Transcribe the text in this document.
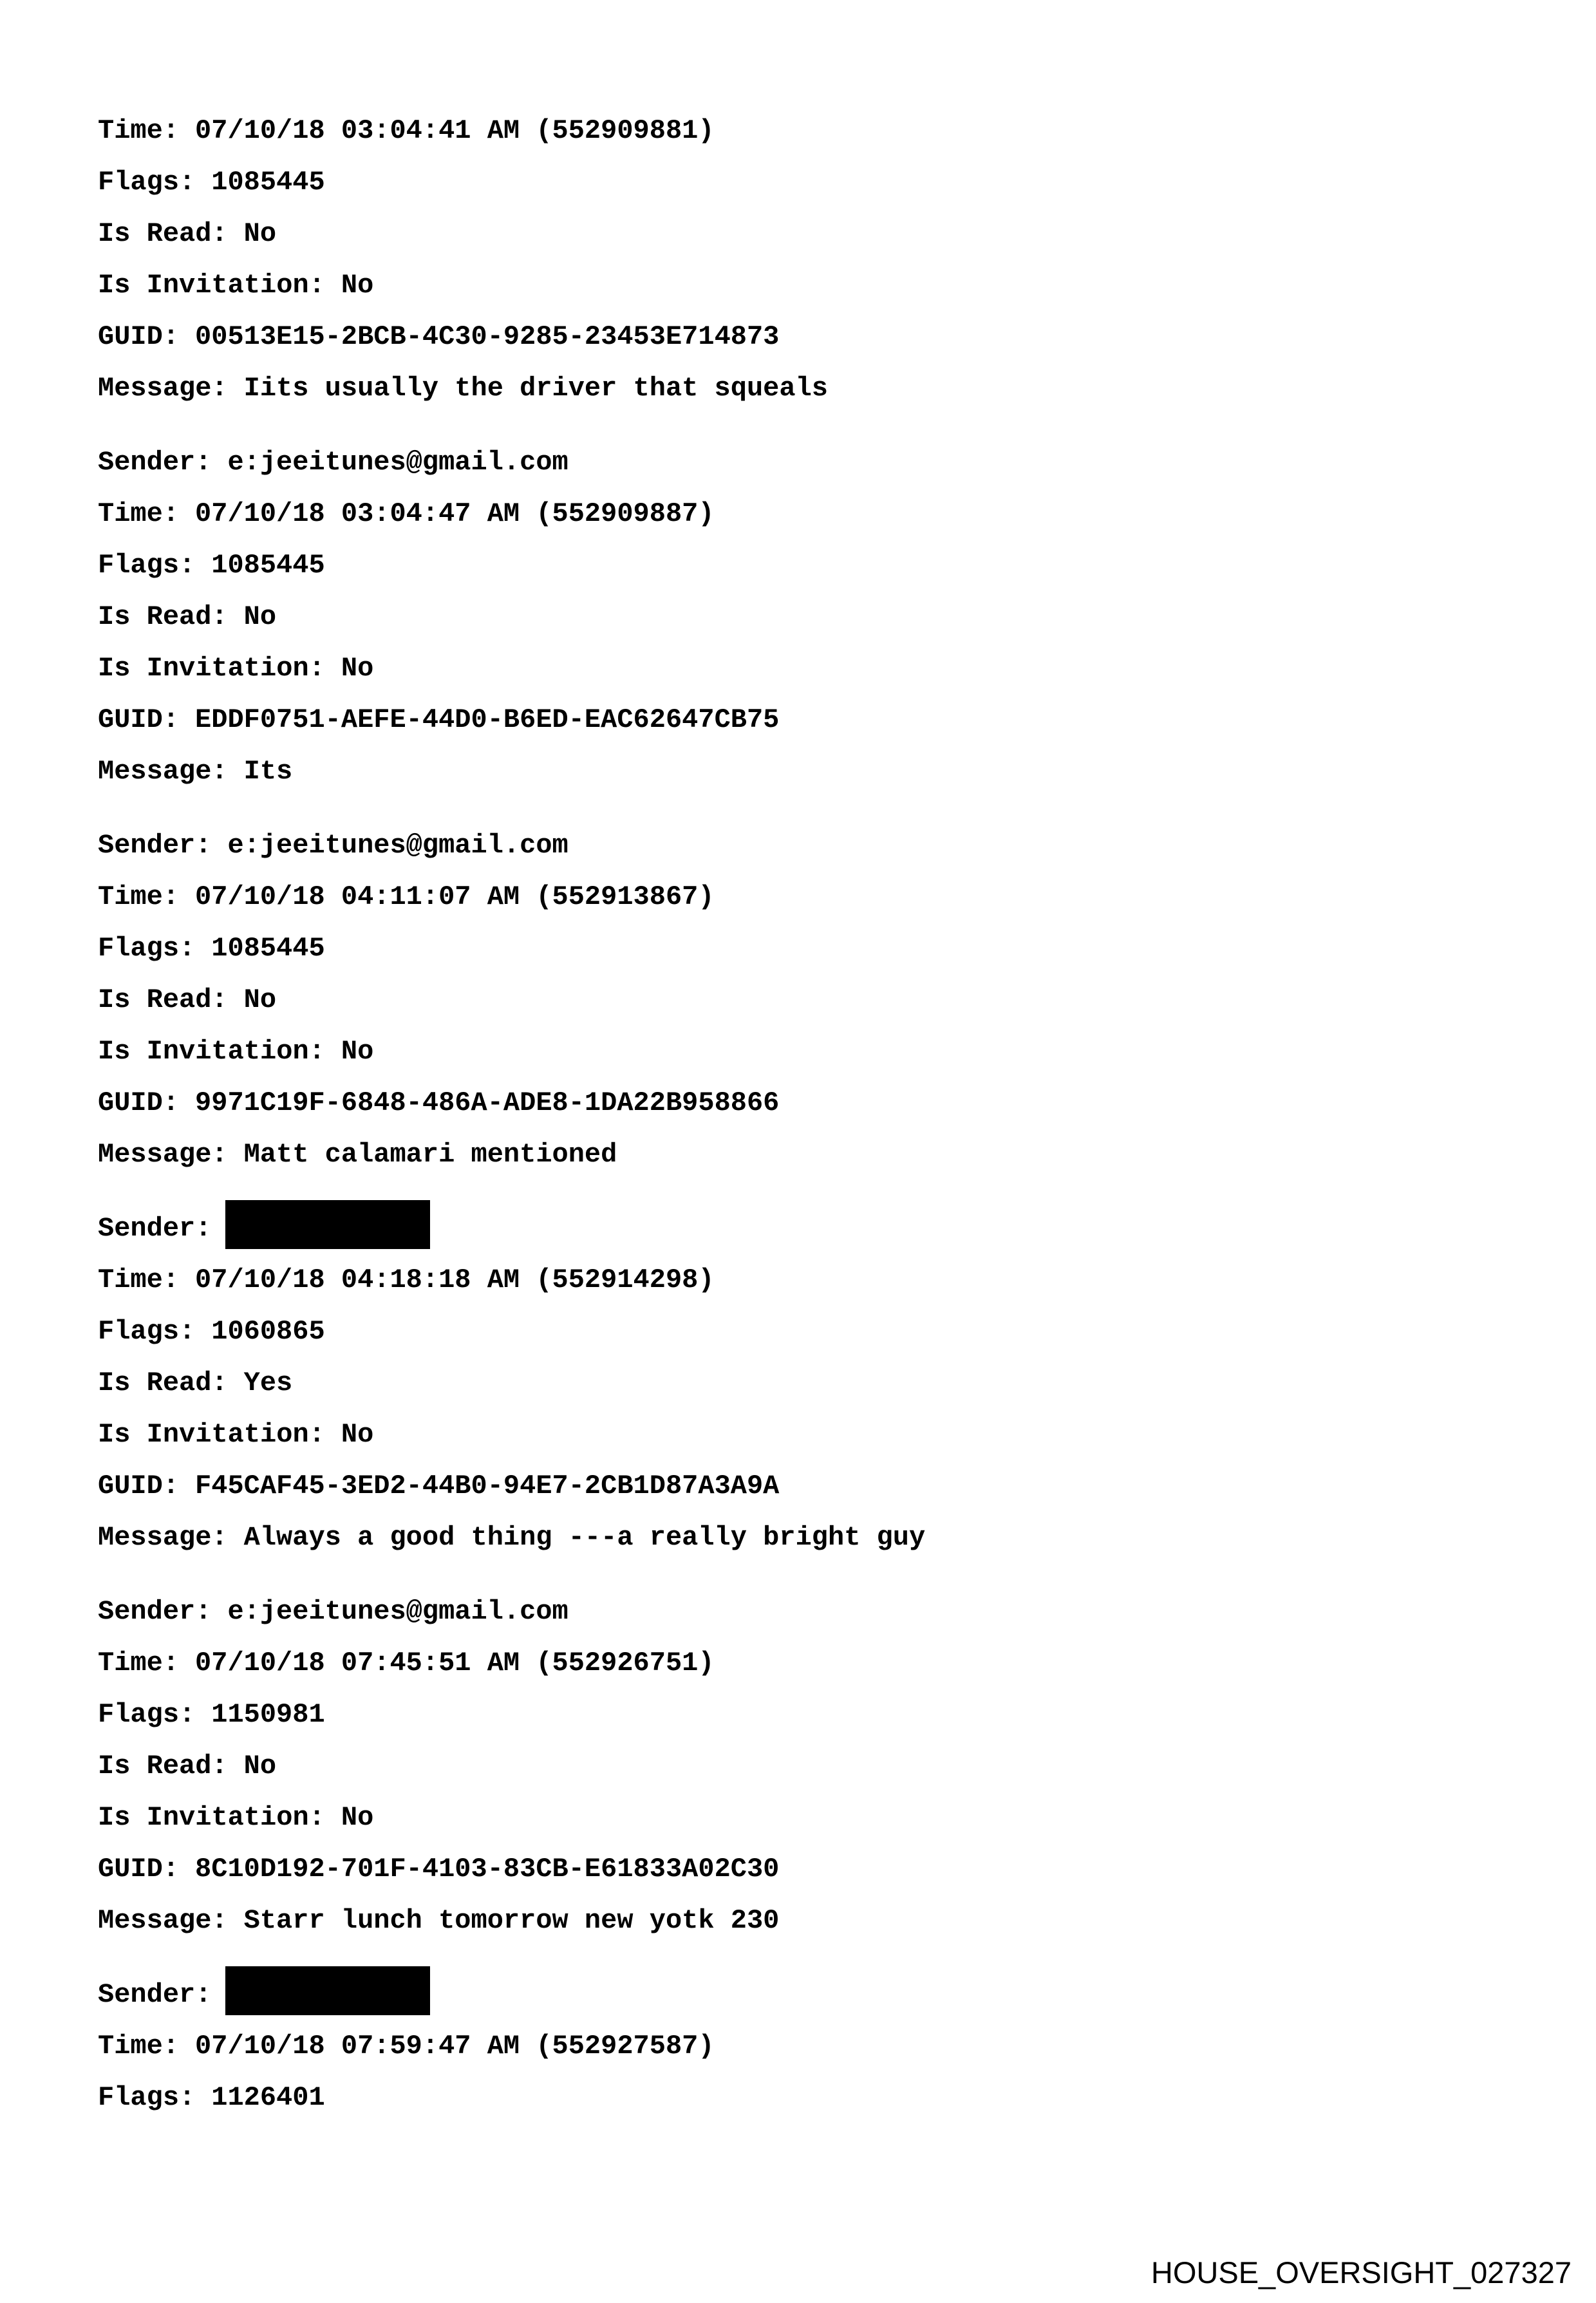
Time: 07/10/18 03:04:41 AM (552909881)
Flags: 1085445
Is Read: No
Is Invitation: No
GUID: 00513E15-2BCB-4C30-9285-23453E714873
Message: Iits usually the driver that squeals
Sender: e:jeeitunes@gmail.com
Time: 07/10/18 03:04:47 AM (552909887)
Flags: 1085445
Is Read: No
Is Invitation: No
GUID: EDDF0751-AEFE-44D0-B6ED-EAC62647CB75
Message: Its
Sender: e:jeeitunes@gmail.com
Time: 07/10/18 04:11:07 AM (552913867)
Flags: 1085445
Is Read: No
Is Invitation: No
GUID: 9971C19F-6848-486A-ADE8-1DA22B958866
Message: Matt calamari mentioned
Sender:
Time: 07/10/18 04:18:18 AM (552914298)
Flags: 1060865
Is Read: Yes
Is Invitation: No
GUID: F45CAF45-3ED2-44B0-94E7-2CB1D87A3A9A
Message: Always a good thing ---a really bright guy
Sender: e:jeeitunes@gmail.com
Time: 07/10/18 07:45:51 AM (552926751)
Flags: 1150981
Is Read: No
Is Invitation: No
GUID: 8C10D192-701F-4103-83CB-E61833A02C30
Message: Starr lunch tomorrow new yotk 230
Sender:
Time: 07/10/18 07:59:47 AM (552927587)
Flags: 1126401
HOUSE_OVERSIGHT_027327
